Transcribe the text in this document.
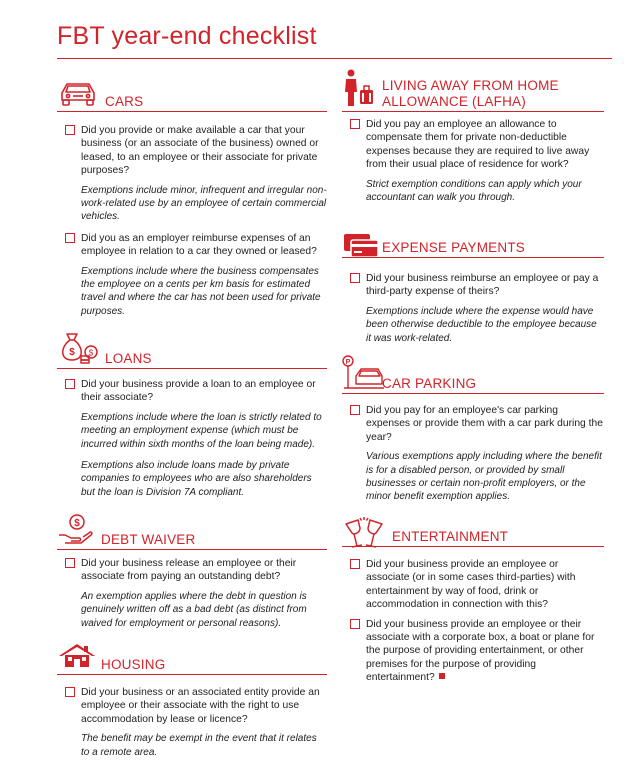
FBT year-end checklist
CARS
Did you provide or make available a car that your business (or an associate of the business) owned or leased, to an employee or their associate for private purposes?
Exemptions include minor, infrequent and irregular non-work-related use by an employee of certain commercial vehicles.
Did you as an employer reimburse expenses of an employee in relation to a car they owned or leased?
Exemptions include where the business compensates the employee on a cents per km basis for estimated travel and where the car has not been used for private purposes.
$ $ LOANS
Did your business provide a loan to an employee or their associate?
Exemptions include where the loan is strictly related to meeting an employment expense (which must be incurred within sixth months of the loan being made).
Exemptions also include loans made by private companies to employees who are also shareholders but the loan is Division 7A compliant.
$
DEBT WAIVER
Did your business release an employee or their associate from paying an outstanding debt?
An exemption applies where the debt in question is genuinely written off as a bad debt (as distinct from waived for employment or personal reasons).
HOUSING
Did your business or an associated entity provide an employee or their associate with the right to use accommodation by lease or licence?
The benefit may be exempt in the event that it relates to a remote area.
LIVING AWAY FROM HOME
ALLOWANCE (LAFHA)
Did you pay an employee an allowance to compensate them for private non-deductible expenses because they are required to live away from their usual place of residence for work?
Strict exemption conditions can apply which your accountant can walk you through.
EXPENSE PAYMENTS
Did your business reimburse an employee or pay a third-party expense of theirs?
Exemptions include where the expense would have been otherwise deductible to the employee because it was work-related.
P
CAR PARKING
Did you pay for an employee's car parking expenses or provide them with a car park during the year?
Various exemptions apply including where the benefit is for a disabled person, or provided by small businesses or certain non-profit employers, or the minor benefit exemption applies.
ENTERTAINMENT
Did your business provide an employee or associate (or in some cases third-parties) with entertainment by way of food, drink or accommodation in connection with this?
Did your business provide an employee or their associate with a corporate box, a boat or plane for the purpose of providing entertainment, or other premises for the purpose of providing entertainment?
